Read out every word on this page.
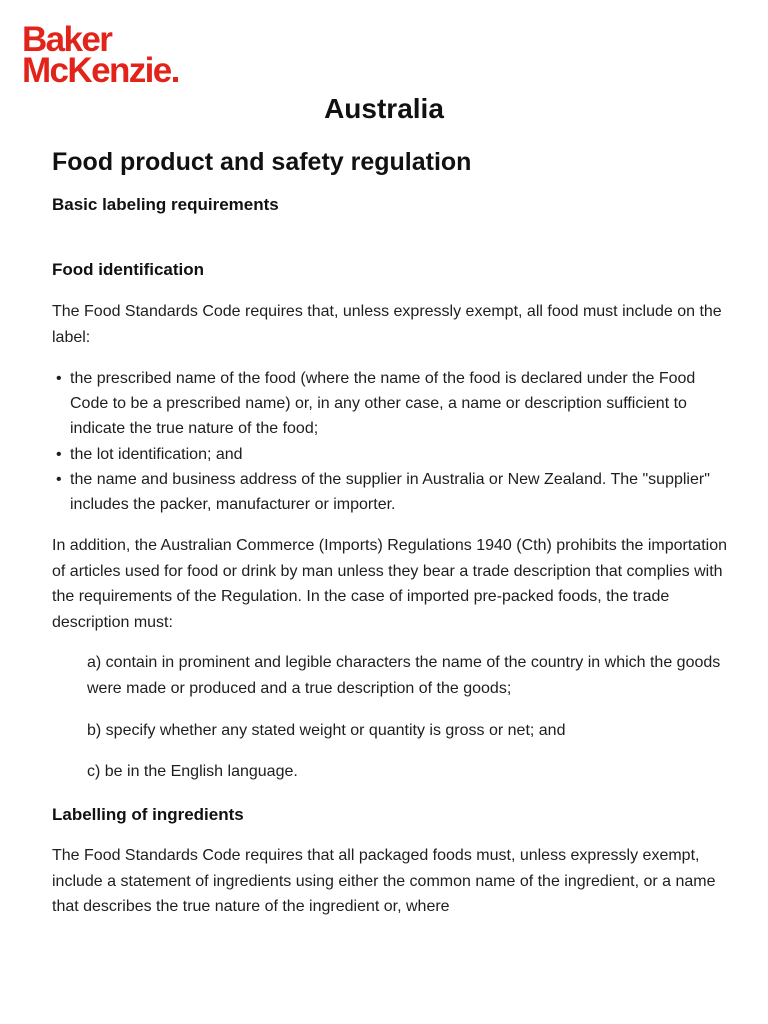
Baker
McKenzie
Australia
Food product and safety regulation
Basic labeling requirements
Food identification

The Food Standards Code requires that, unless expressly exempt, all food must include on the label:

• the prescribed name of the food (where the name of the food is declared under the Food Code to be a prescribed name) or, in any other case, a name or description sufficient to indicate the true nature of the food;
• the lot identification; and
• the name and business address of the supplier in Australia or New Zealand. The "supplier" includes the packer, manufacturer or importer.

In addition, the Australian Commerce (Imports) Regulations 1940 (Cth) prohibits the importation of articles used for food or drink by man unless they bear a trade description that complies with the requirements of the Regulation. In the case of imported pre-packed foods, the trade description must:

a) contain in prominent and legible characters the name of the country in which the goods were made or produced and a true description of the goods;

b) specify whether any stated weight or quantity is gross or net; and

c) be in the English language.

Labelling of ingredients

The Food Standards Code requires that all packaged foods must, unless expressly exempt, include a statement of ingredients using either the common name of the ingredient, or a name that describes the true nature of the ingredient or, where
